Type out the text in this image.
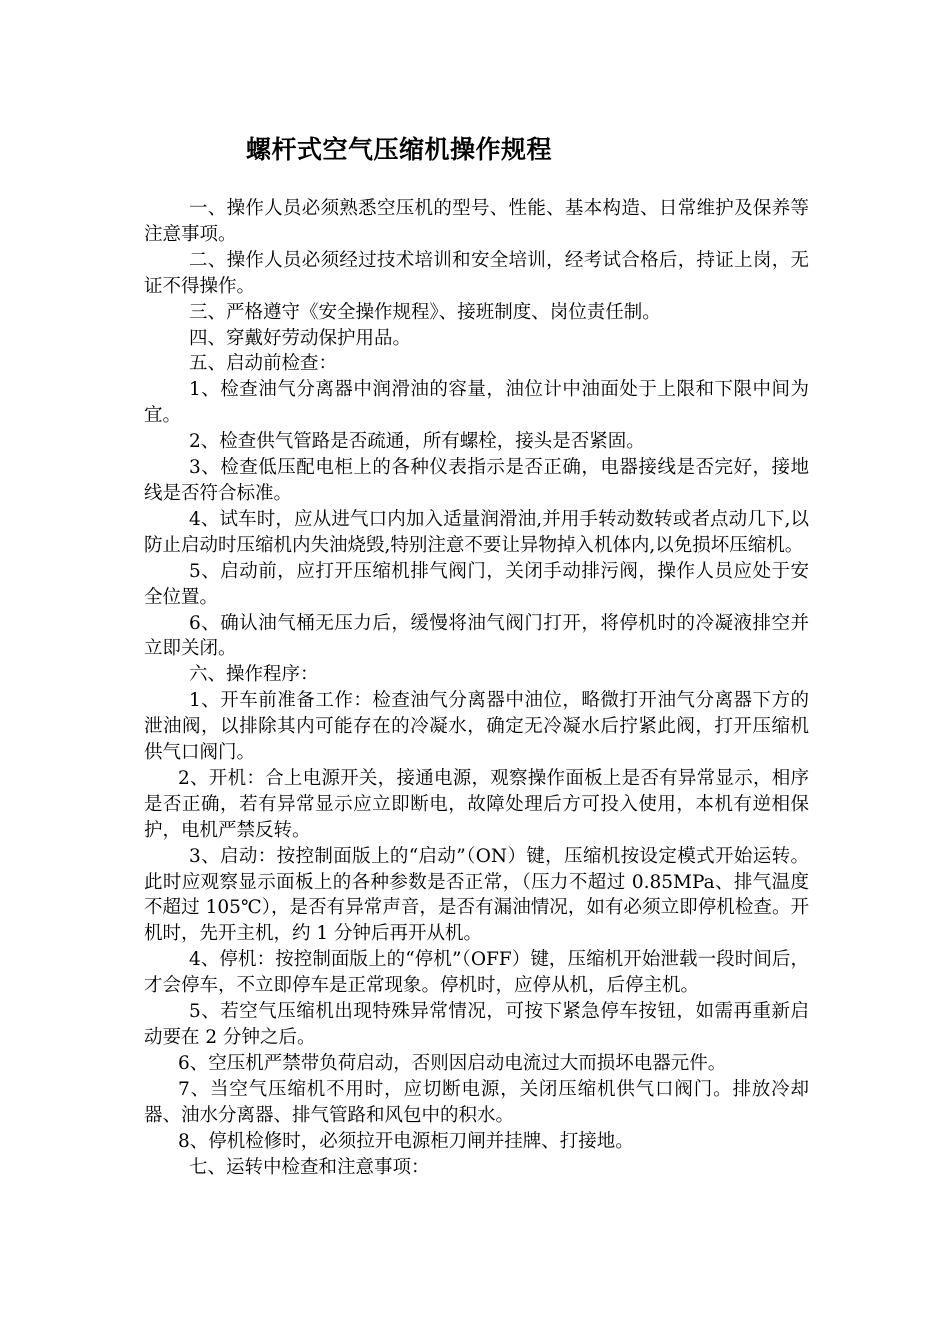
螺杆式空气压缩机操作规程

一、操作人员必须熟悉空压机的型号、性能、基本构造、日常维护及保养等注意事项。

二、操作人员必须经过技术培训和安全培训，经考试合格后，持证上岗，无证不得操作。

三、严格遵守《安全操作规程》、接班制度、岗位责任制。

四、穿戴好劳动保护用品。

五、启动前检查：

1、检查油气分离器中润滑油的容量，油位计中油面处于上限和下限中间为宜。

2、检查供气管路是否疏通，所有螺栓，接头是否紧固。

3、检查低压配电柜上的各种仪表指示是否正确，电器接线是否完好，接地线是否符合标准。

4、试车时，应从进气口内加入适量润滑油,并用手转动数转或者点动几下,以防止启动时压缩机内失油烧毁,特别注意不要让异物掉入机体内,以免损坏压缩机。

5、启动前，应打开压缩机排气阀门，关闭手动排污阀，操作人员应处于安全位置。

6、确认油气桶无压力后，缓慢将油气阀门打开，将停机时的冷凝液排空并立即关闭。

六、操作程序：

1、开车前准备工作：检查油气分离器中油位，略微打开油气分离器下方的泄油阀，以排除其内可能存在的冷凝水，确定无冷凝水后拧紧此阀，打开压缩机供气口阀门。

2、开机：合上电源开关，接通电源，观察操作面板上是否有异常显示，相序是否正确，若有异常显示应立即断电，故障处理后方可投入使用，本机有逆相保护，电机严禁反转。

3、启动：按控制面版上的“启动”（ON）键，压缩机按设定模式开始运转。此时应观察显示面板上的各种参数是否正常，（压力不超过 0.85MPa、排气温度不超过 105℃），是否有异常声音，是否有漏油情况，如有必须立即停机检查。开机时，先开主机，约 1 分钟后再开从机。

4、停机：按控制面版上的“停机”（OFF）键，压缩机开始泄载一段时间后，才会停车，不立即停车是正常现象。停机时，应停从机，后停主机。

5、若空气压缩机出现特殊异常情况，可按下紧急停车按钮，如需再重新启动要在 2 分钟之后。

6、空压机严禁带负荷启动，否则因启动电流过大而损坏电器元件。

7、当空气压缩机不用时，应切断电源，关闭压缩机供气口阀门。排放冷却器、油水分离器、排气管路和风包中的积水。

8、停机检修时，必须拉开电源柜刀闸并挂牌、打接地。

七、运转中检查和注意事项：
